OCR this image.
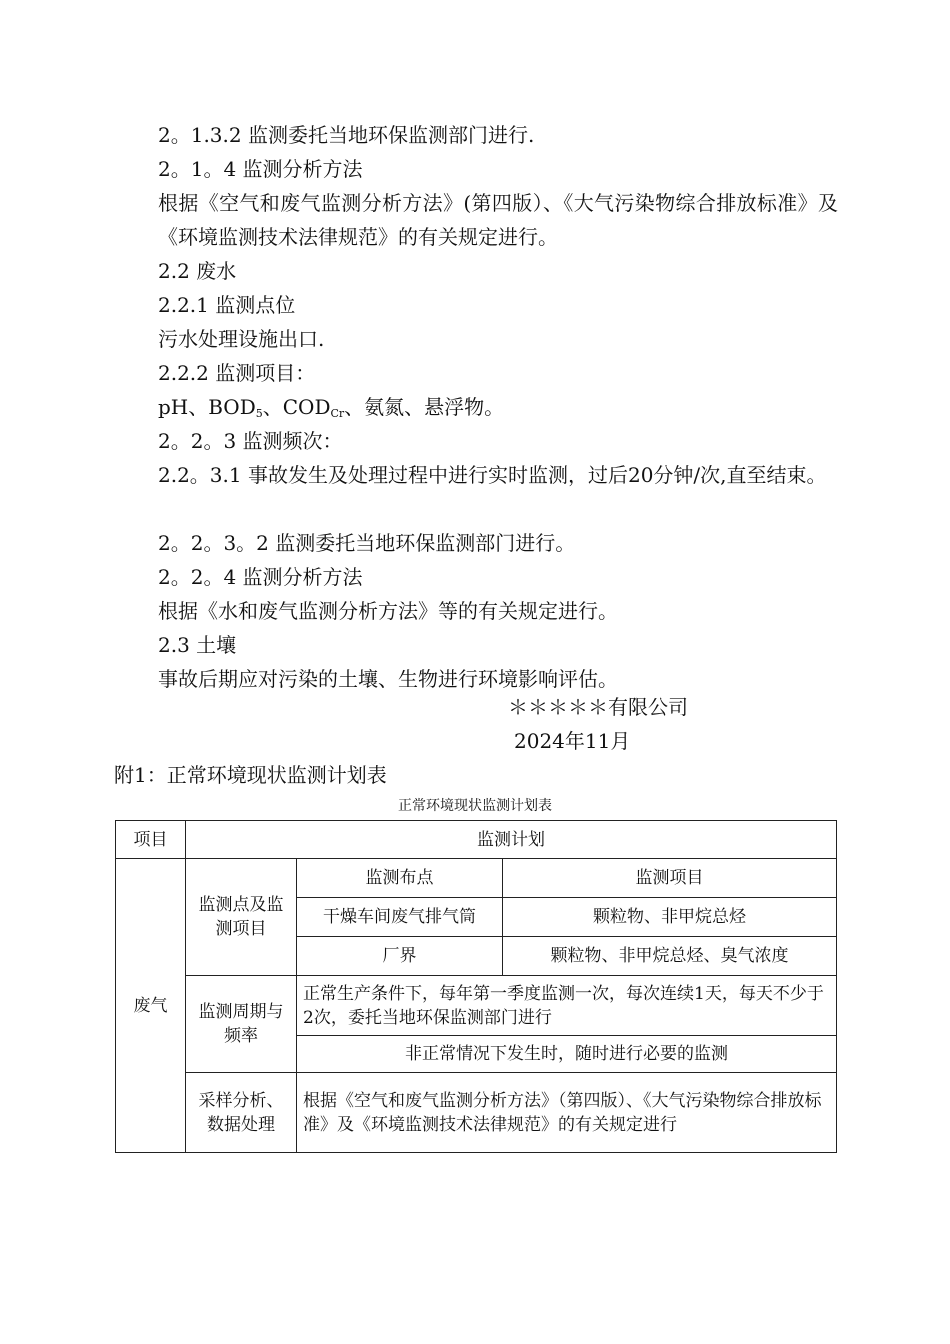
2。1.3.2 监测委托当地环保监测部门进行.
2。1。4 监测分析方法
根据《空气和废气监测分析方法》(第四版）、《大气污染物综合排放标准》及《环境监测技术法律规范》的有关规定进行。
2.2 废水
2.2.1 监测点位
污水处理设施出口.
2.2.2 监测项目：
pH、$BOD_5$、$COD_{Cr}$、氨氮、悬浮物。
2。2。3 监测频次：
2.2。3.1 事故发生及处理过程中进行实时监测，过后20分钟/次,直至结束。
2。2。3。2 监测委托当地环保监测部门进行。
2。2。4 监测分析方法
根据《水和废气监测分析方法》等的有关规定进行。
2.3 土壤
事故后期应对污染的土壤、生物进行环境影响评估。
＊＊＊＊＊有限公司
2024年11月
附1：正常环境现状监测计划表
正常环境现状监测计划表
项目	监测计划		
废气	监测点及监测项目	监测布点	监测项目
		干燥车间废气排气筒	颗粒物、非甲烷总烃
		厂界	颗粒物、非甲烷总烃、臭气浓度
	监测周期与频率	正常生产条件下，每年第一季度监测一次，每次连续1天，每天不少于2次，委托当地环保监测部门进行	
		非正常情况下发生时，随时进行必要的监测	
	采样分析、数据处理	根据《空气和废气监测分析方法》（第四版）、《大气污染物综合排放标准》及《环境监测技术法律规范》的有关规定进行	
